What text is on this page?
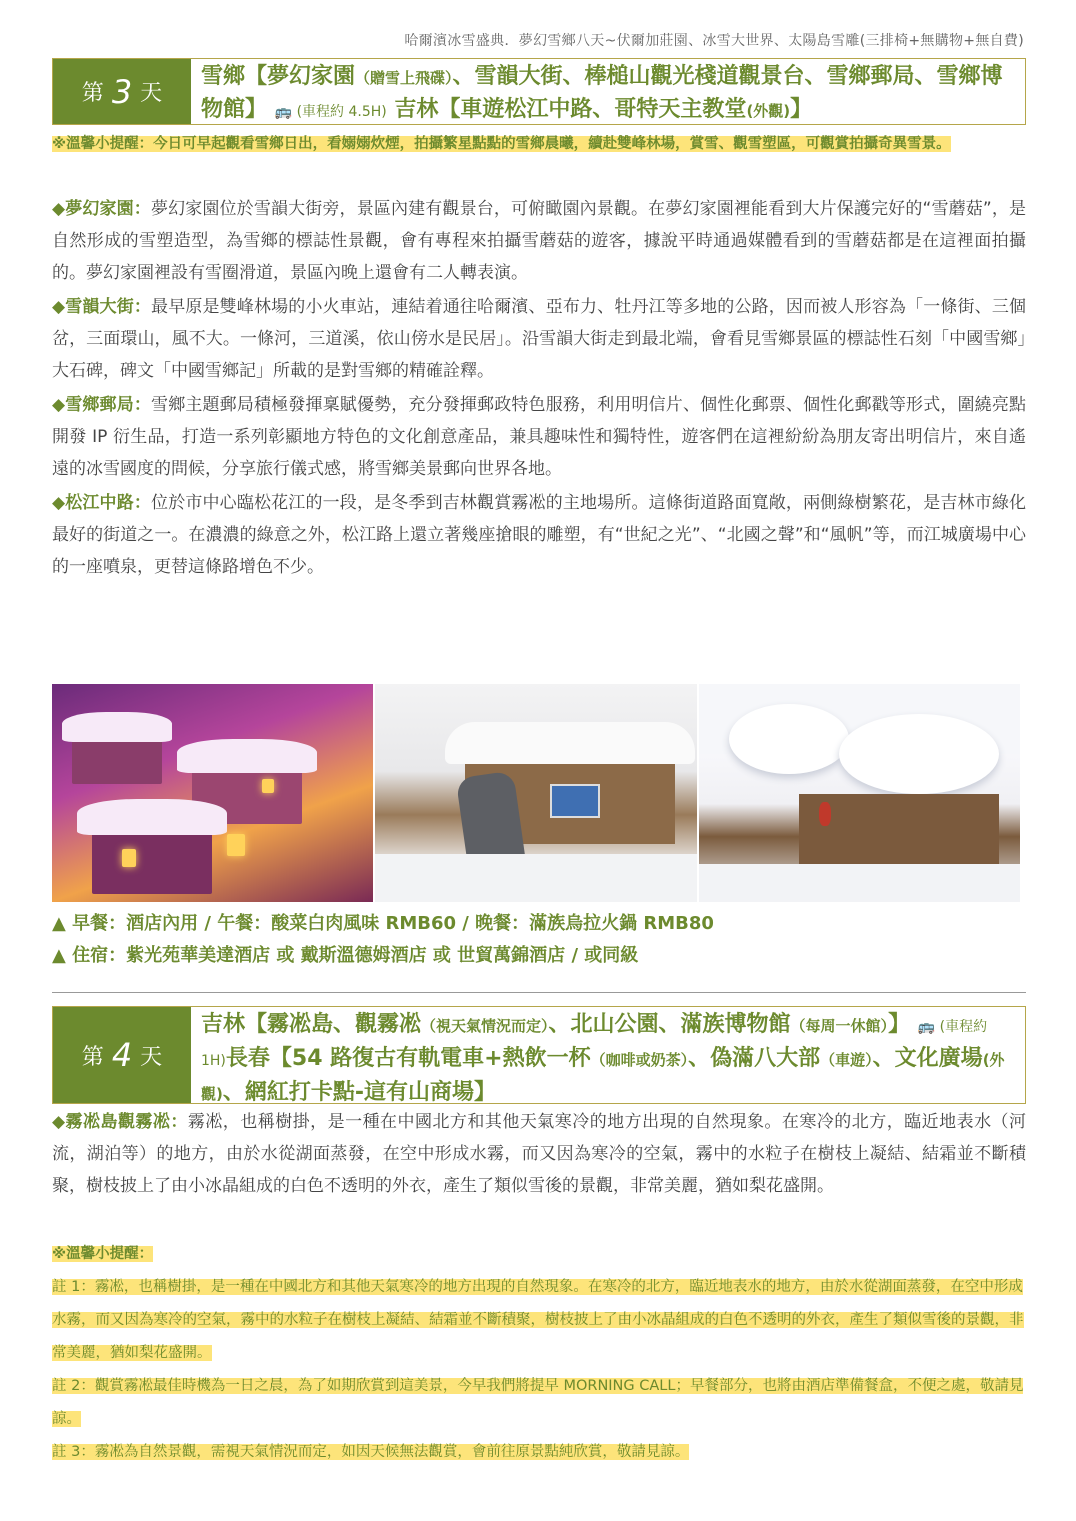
哈爾濱冰雪盛典．夢幻雪鄉八天~伏爾加莊園、冰雪大世界、太陽島雪雕(三排椅+無購物+無自費)
第 3 天
雪鄉【夢幻家園（贈雪上飛碟）、雪韻大街、棒槌山觀光棧道觀景台、雪鄉郵局、雪鄉博物館】 🚌 (車程約 4.5H) 吉林【車遊松江中路、哥特天主教堂(外觀)】
※溫馨小提醒：今日可早起觀看雪鄉日出，看嫋嫋炊煙，拍攝繁星點點的雪鄉晨曦，續赴雙峰林場，賞雪、觀雪塑區，可觀賞拍攝奇異雪景。
◆夢幻家園：夢幻家園位於雪韻大街旁，景區內建有觀景台，可俯瞰園內景觀。在夢幻家園裡能看到大片保護完好的“雪蘑菇”，是自然形成的雪塑造型，為雪鄉的標誌性景觀，會有專程來拍攝雪蘑菇的遊客，據說平時通過媒體看到的雪蘑菇都是在這裡面拍攝的。夢幻家園裡設有雪圈滑道，景區內晚上還會有二人轉表演。
◆雪韻大街：最早原是雙峰林場的小火車站，連結着通往哈爾濱、亞布力、牡丹江等多地的公路，因而被人形容為「一條街、三個岔，三面環山，風不大。一條河，三道溪，依山傍水是民居」。沿雪韻大街走到最北端，會看見雪鄉景區的標誌性石刻「中國雪鄉」大石碑，碑文「中國雪鄉記」所載的是對雪鄉的精確詮釋。
◆雪鄉郵局：雪鄉主題郵局積極發揮稟賦優勢，充分發揮郵政特色服務，利用明信片、個性化郵票、個性化郵戳等形式，圍繞亮點開發 IP 衍生品，打造一系列彰顯地方特色的文化創意產品，兼具趣味性和獨特性，遊客們在這裡紛紛為朋友寄出明信片，來自遙遠的冰雪國度的問候，分享旅行儀式感，將雪鄉美景郵向世界各地。
◆松江中路：位於市中心臨松花江的一段，是冬季到吉林觀賞霧凇的主地場所。這條街道路面寬敞，兩側綠樹繁花，是吉林市綠化最好的街道之一。在濃濃的綠意之外，松江路上還立著幾座搶眼的雕塑，有“世紀之光”、“北國之聲”和“風帆”等，而江城廣場中心的一座噴泉，更替這條路增色不少。
▲ 早餐：酒店內用 / 午餐：酸菜白肉風味 RMB60 / 晚餐：滿族烏拉火鍋 RMB80
▲ 住宿：紫光苑華美達酒店 或 戴斯溫德姆酒店 或 世貿萬錦酒店 / 或同級
第 4 天
吉林【霧凇島、觀霧凇（視天氣情況而定）、北山公園、滿族博物館（每周一休館）】 🚌 (車程約 1H)長春【54 路復古有軌電車+熱飲一杯（咖啡或奶茶）、偽滿八大部（車遊）、文化廣場(外觀)、網紅打卡點-這有山商場】
◆霧凇島觀霧凇：霧凇，也稱樹掛，是一種在中國北方和其他天氣寒冷的地方出現的自然現象。在寒冷的北方，臨近地表水（河流，湖泊等）的地方，由於水從湖面蒸發，在空中形成水霧，而又因為寒冷的空氣，霧中的水粒子在樹枝上凝結、結霜並不斷積聚，樹枝披上了由小冰晶組成的白色不透明的外衣，產生了類似雪後的景觀，非常美麗，猶如梨花盛開。
※溫馨小提醒：
註 1：霧凇，也稱樹掛，是一種在中國北方和其他天氣寒冷的地方出現的自然現象。在寒冷的北方，臨近地表水的地方，由於水從湖面蒸發，在空中形成水霧，而又因為寒冷的空氣，霧中的水粒子在樹枝上凝結、結霜並不斷積聚，樹枝披上了由小冰晶組成的白色不透明的外衣，產生了類似雪後的景觀，非常美麗，猶如梨花盛開。
註 2：觀賞霧凇最佳時機為一日之晨，為了如期欣賞到這美景，今早我們將提早 MORNING CALL；早餐部分，也將由酒店準備餐盒，不便之處，敬請見諒。
註 3：霧凇為自然景觀，需視天氣情況而定，如因天候無法觀賞，會前往原景點純欣賞，敬請見諒。
